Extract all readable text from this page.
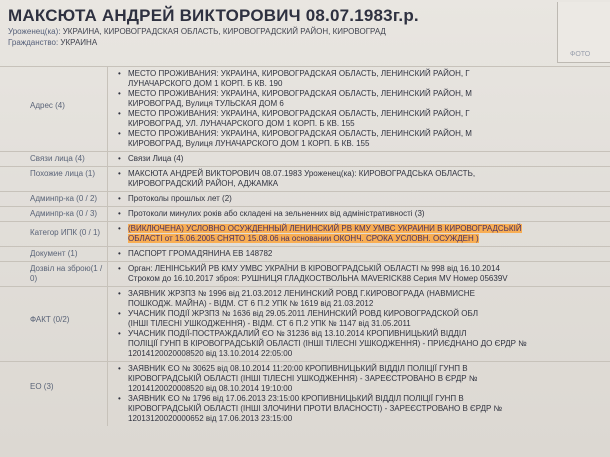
ФОТО
МАКСЮТА АНДРЕЙ ВИКТОРОВИЧ 08.07.1983г.р.
Уроженец(ка): УКРАИНА, КИРОВОГРАДСКАЯ ОБЛАСТЬ, КИРОВОГРАДСКИЙ РАЙОН, КИРОВОГРАД
Гражданство: УКРАИНА
Адрес (4)
• МЕСТО ПРОЖИВАНИЯ: УКРАИНА, КИРОВОГРАДСКАЯ ОБЛАСТЬ, ЛЕНИНСКИЙ РАЙОН, Г
ЛУНАЧАРСКОГО ДОМ 1 КОРП. Б КВ. 190
• МЕСТО ПРОЖИВАНИЯ: УКРАИНА, КИРОВОГРАДСКАЯ ОБЛАСТЬ, ЛЕНИНСКИЙ РАЙОН, М
КИРОВОГРАД, Вулиця ТУЛЬСКАЯ ДОМ 6
• МЕСТО ПРОЖИВАНИЯ: УКРАИНА, КИРОВОГРАДСКАЯ ОБЛАСТЬ, ЛЕНИНСКИЙ РАЙОН, Г
КИРОВОГРАД, УЛ. ЛУНАЧАРСКОГО ДОМ 1 КОРП. Б КВ. 155
• МЕСТО ПРОЖИВАНИЯ: УКРАИНА, КИРОВОГРАДСКАЯ ОБЛАСТЬ, ЛЕНИНСКИЙ РАЙОН, М
КИРОВОГРАД, Вулиця ЛУНАЧАРСКОГО ДОМ 1 КОРП. Б КВ. 155
Связи лица (4)	• Связи Лица (4)
Похожие лица (1)	• МАКСЮТА АНДРЕЙ ВИКТОРОВИЧ 08.07.1983 Уроженец(ка): КИРОВОГРАДСЬКА ОБЛАСТЬ,
КИРОВОГРАДСКИЙ РАЙОН, АДЖАМКА
Админпр-ка (0 / 2)	• Протоколы прошлых лет (2)
Админпр-ка (0 / 3)	• Протоколи минулих років або складені на зельненних від адміністративності (3)
Категор ИПК (0 / 1)	• (ВИКЛЮЧЕНА) УСЛОВНО ОСУЖДЕННЫЙ ЛЕНИНСКИЙ РВ КМУ УМВС УКРАИНИ В КИРОВОГРАДСЬКІЙ
ОБЛАСТІ от 15.06.2005 СНЯТО 15.08.06 на основании ОКОНЧ. СРОКА УСЛОВН. ОСУЖДЕН )
Документ (1)	• ПАСПОРТ ГРОМАДЯНИНА ЕВ 148782
Дозвіл на зброю(1 / 0)
• Орган: ЛЕНІНСЬКИЙ РВ КМУ УМВС УКРАЇНИ В КІРОВОГРАДСЬКІЙ ОБЛАСТІ № 998 від 16.10.2014
Строком до 16.10.2017 зброя: РУШНИЦЯ ГЛАДКОСТВОЛЬНА MAVERICK88 Серия MV Номер 05639V
ФАКТ (0/2)
• ЗАЯВНИК ЖРЗПЗ № 1996 від 21.03.2012 ЛЕНИНСКИЙ РОВД Г.КИРОВОГРАДА (НАВМИСНЕ
ПОШКОДЖ. МАЙНА) - ВІДМ. СТ 6 П.2 УПК № 1619 від 21.03.2012
• УЧАСНИК ПОДІЇ ЖРЗПЗ № 1636 від 29.05.2011 ЛЕНИНСКИЙ РОВД КИРОВОГРАДСКОЙ ОБЛ
(ІНШІ ТІЛЕСНІ УШКОДЖЕННЯ) - ВІДМ. СТ 6 П.2 УПК № 1147 від 31.05.2011
• УЧАСНИК ПОДІЇ-ПОСТРАЖДАЛИЙ ЄО № 31236 від 13.10.2014 КРОПИВНИЦЬКИЙ ВІДДІЛ
ПОЛІЦІЇ ГУНП В КІРОВОГРАДСЬКІЙ ОБЛАСТІ (ІНШІ ТІЛЕСНІ УШКОДЖЕННЯ) - ПРИЄДНАНО ДО ЄРДР №
12014120020008520 від 13.10.2014 22:05:00
ЕО (3)
• ЗАЯВНИК ЄО № 30625 від 08.10.2014 11:20:00 КРОПИВНИЦЬКИЙ ВІДДІЛ ПОЛІЦІЇ ГУНП В
КІРОВОГРАДСЬКІЙ ОБЛАСТІ (ІНШІ ТІЛЕСНІ УШКОДЖЕННЯ) - ЗАРЕЄСТРОВАНО В ЄРДР №
12014120020008520 від 08.10.2014 19:10:00
• ЗАЯВНИК ЄО № 1796 від 17.06.2013 23:15:00 КРОПИВНИЦЬКИЙ ВІДДІЛ ПОЛІЦІЇ ГУНП В
КІРОВОГРАДСЬКІЙ ОБЛАСТІ (ІНШІ ЗЛОЧИНИ ПРОТИ ВЛАСНОСТІ) - ЗАРЕЄСТРОВАНО В ЄРДР №
12013120020000652 від 17.06.2013 23:15:00
